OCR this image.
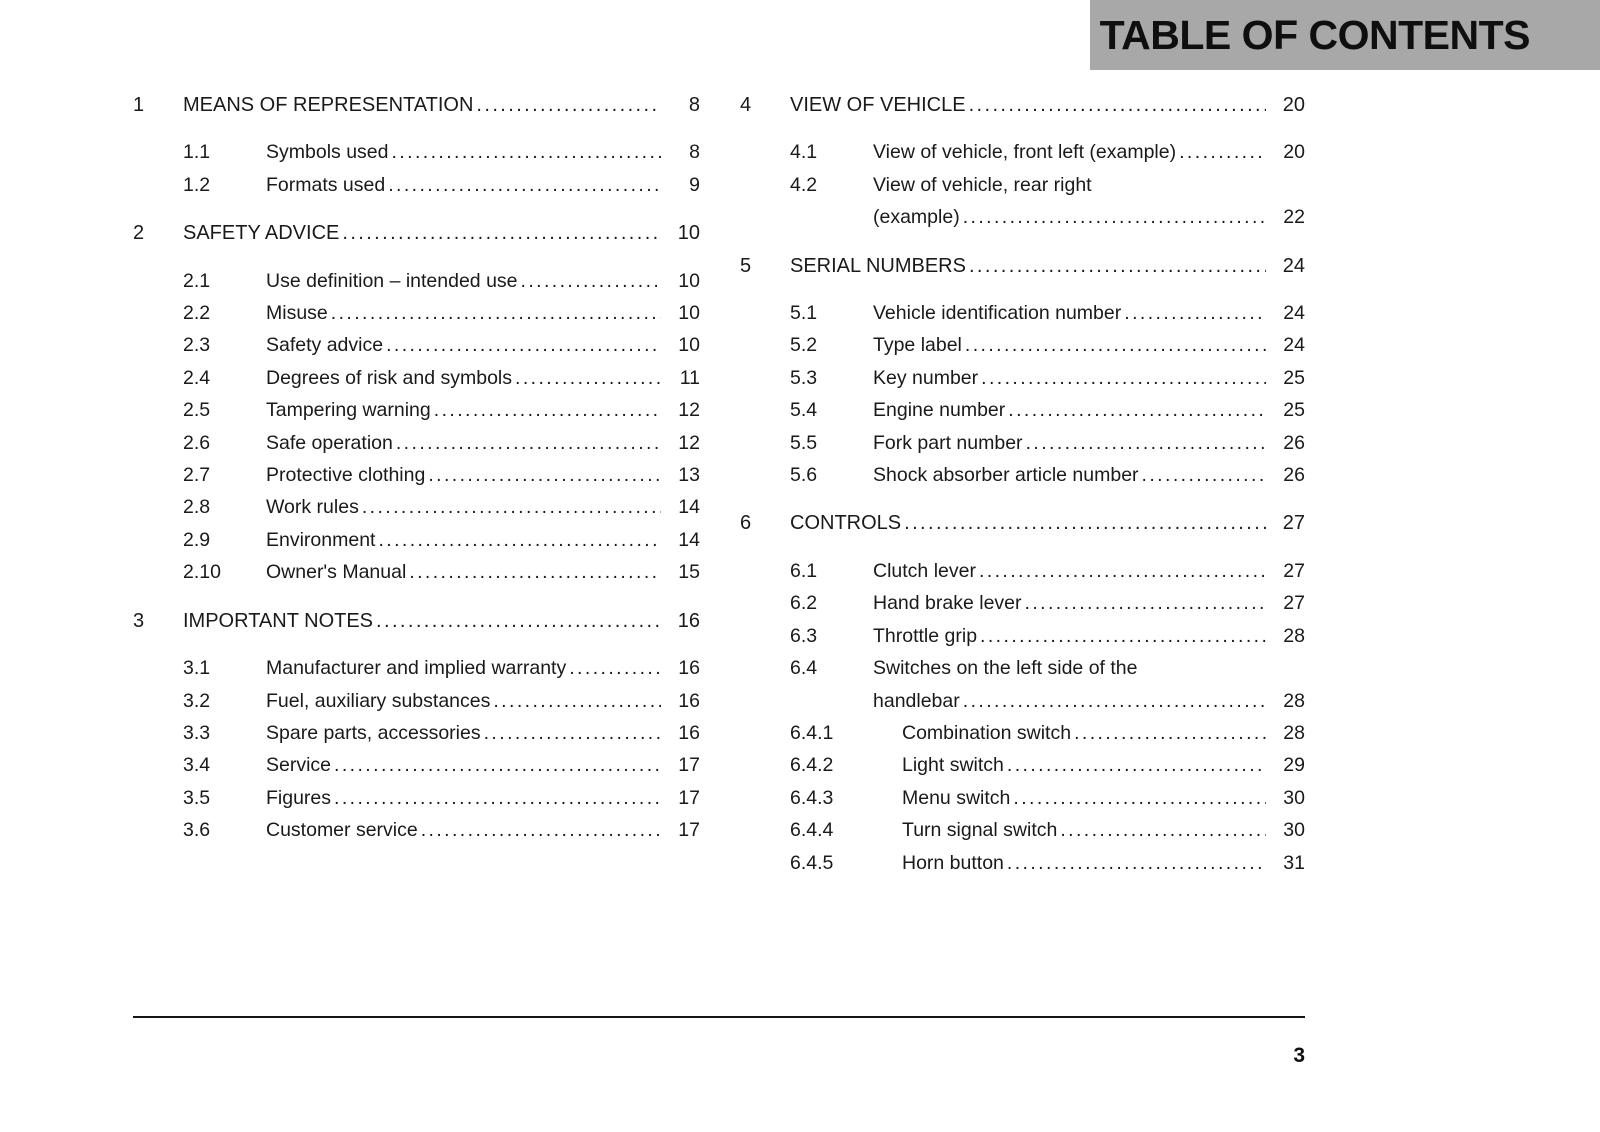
TABLE OF CONTENTS
1	MEANS OF REPRESENTATION .....	8
1.1	Symbols used .....	8
1.2	Formats used .....	9
2	SAFETY ADVICE .....	10
2.1	Use definition – intended use .....	10
2.2	Misuse .....	10
2.3	Safety advice .....	10
2.4	Degrees of risk and symbols .....	11
2.5	Tampering warning .....	12
2.6	Safe operation .....	12
2.7	Protective clothing .....	13
2.8	Work rules .....	14
2.9	Environment .....	14
2.10	Owner's Manual .....	15
3	IMPORTANT NOTES .....	16
3.1	Manufacturer and implied warranty .....	16
3.2	Fuel, auxiliary substances .....	16
3.3	Spare parts, accessories .....	16
3.4	Service .....	17
3.5	Figures .....	17
3.6	Customer service .....	17
4	VIEW OF VEHICLE .....	20
4.1	View of vehicle, front left (example) .....	20
4.2	View of vehicle, rear right
(example) .....	22
5	SERIAL NUMBERS .....	24
5.1	Vehicle identification number .....	24
5.2	Type label .....	24
5.3	Key number .....	25
5.4	Engine number .....	25
5.5	Fork part number .....	26
5.6	Shock absorber article number .....	26
6	CONTROLS .....	27
6.1	Clutch lever .....	27
6.2	Hand brake lever .....	27
6.3	Throttle grip .....	28
6.4	Switches on the left side of the
handlebar .....	28
6.4.1	Combination switch .....	28
6.4.2	Light switch .....	29
6.4.3	Menu switch .....	30
6.4.4	Turn signal switch .....	30
6.4.5	Horn button .....	31
3
